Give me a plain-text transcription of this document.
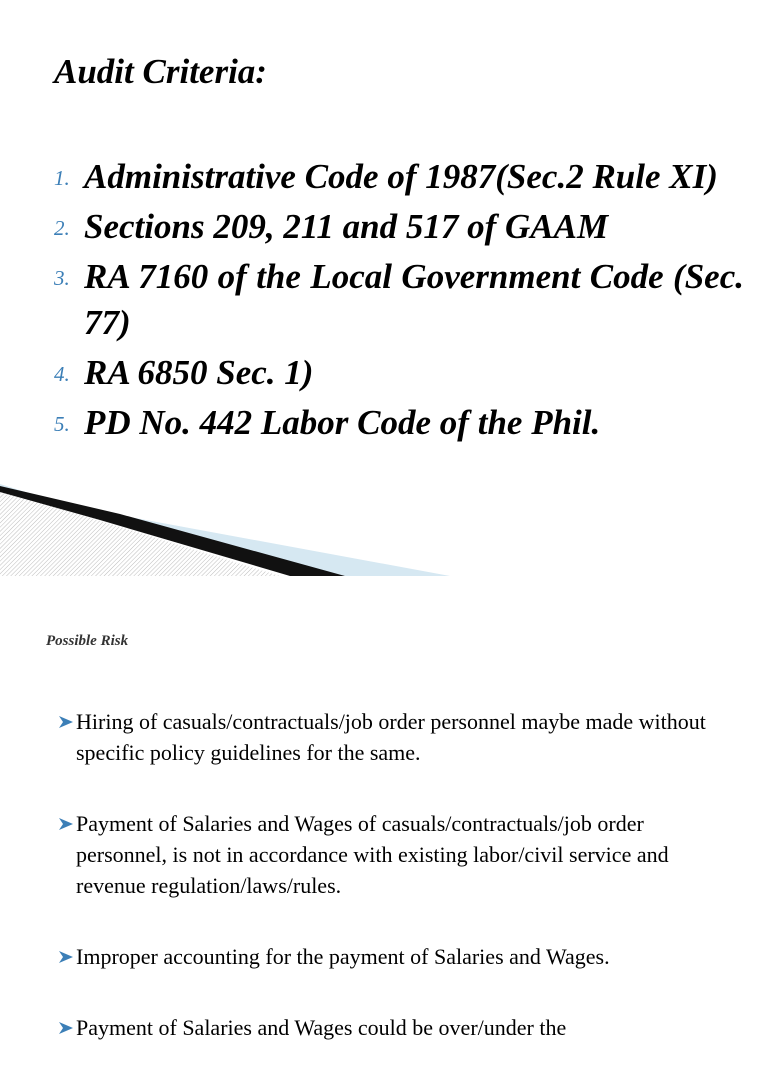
Audit Criteria:
1. Administrative Code of 1987(Sec.2 Rule XI)
2. Sections 209, 211 and 517 of GAAM
3. RA 7160 of the Local Government Code (Sec. 77)
4. RA 6850 Sec. 1)
5. PD No. 442 Labor Code of the Phil.
Possible Risk
Hiring of casuals/contractuals/job order personnel maybe made without specific policy guidelines for the same.
Payment of Salaries and Wages of casuals/contractuals/job order personnel, is not in accordance with existing labor/civil service and revenue regulation/laws/rules.
Improper accounting for the payment of Salaries and Wages.
Payment of Salaries and Wages could be over/under the
